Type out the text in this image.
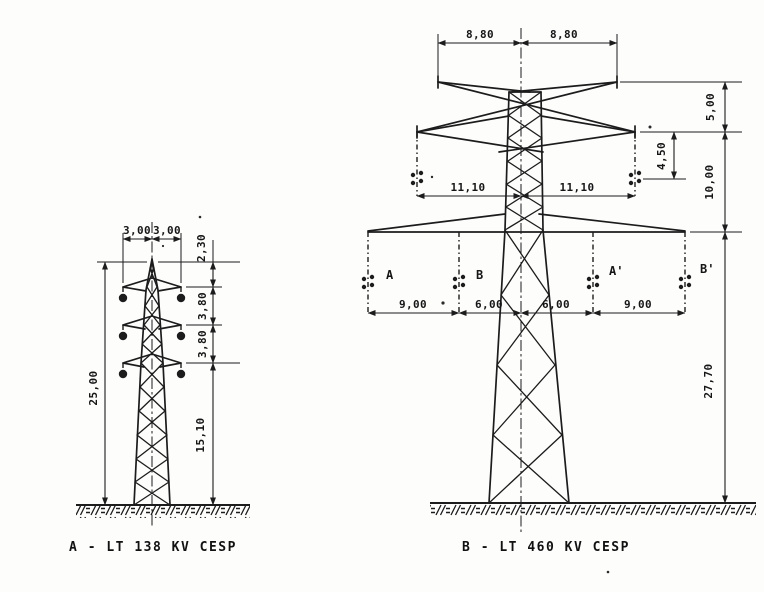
3,00 3,00
2,30
3,80
3,80
25,00
15,10
A - LT 138 KV CESP
A	B	A'	B'
8,80	8,80
11,10	11,10
4,50
9,00	6,00	6,00	9,00
5,00
10,00
27,70
B - LT 460 KV CESP
